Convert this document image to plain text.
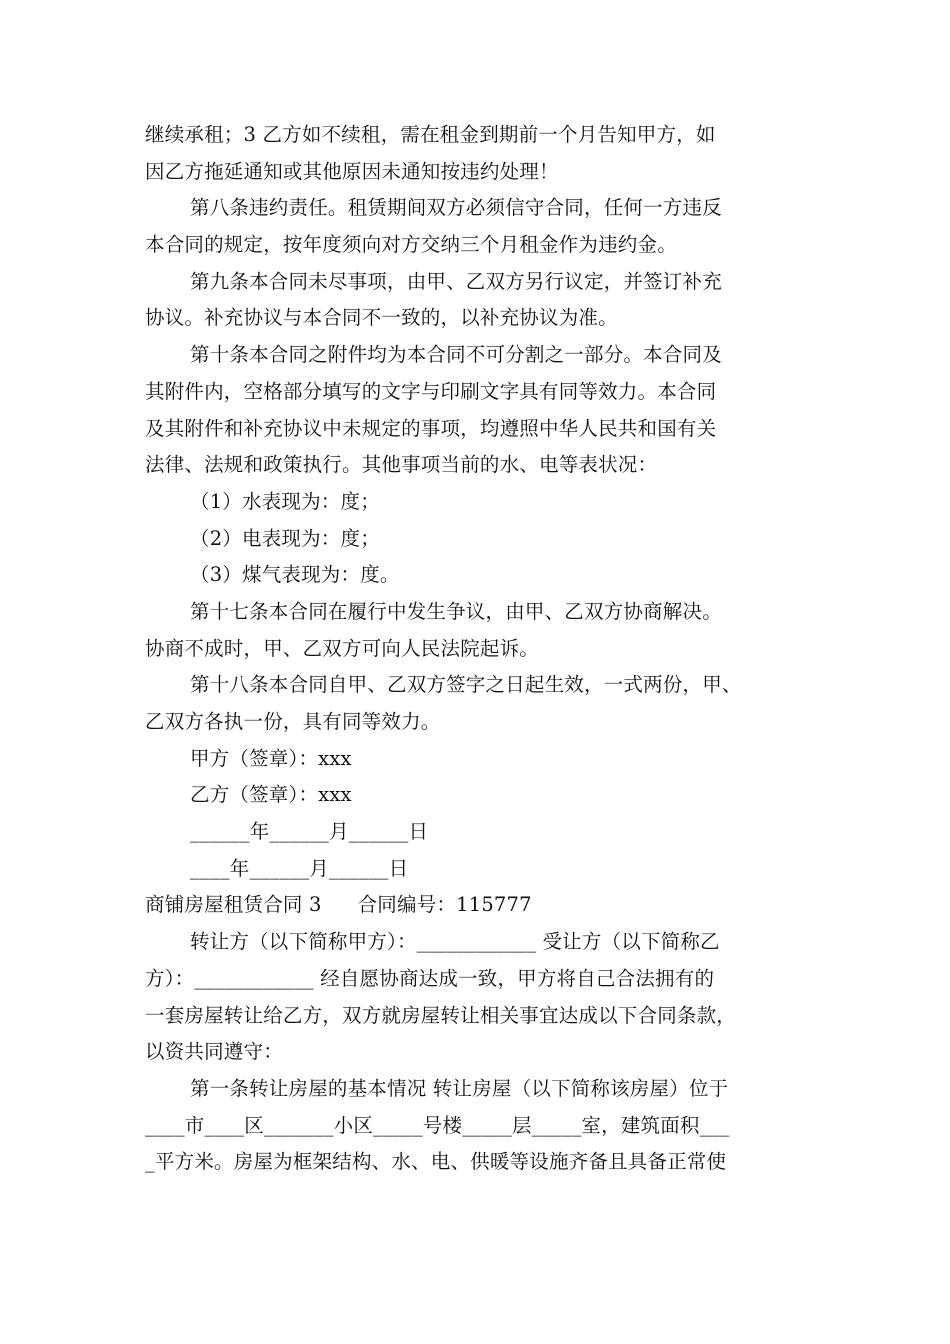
继续承租；3 乙方如不续租，需在租金到期前一个月告知甲方，如
因乙方拖延通知或其他原因未通知按违约处理！
第八条违约责任。租赁期间双方必须信守合同，任何一方违反
本合同的规定，按年度须向对方交纳三个月租金作为违约金。
第九条本合同未尽事项，由甲、乙双方另行议定，并签订补充
协议。补充协议与本合同不一致的，以补充协议为准。
第十条本合同之附件均为本合同不可分割之一部分。本合同及
其附件内，空格部分填写的文字与印刷文字具有同等效力。本合同
及其附件和补充协议中未规定的事项，均遵照中华人民共和国有关
法律、法规和政策执行。其他事项当前的水、电等表状况：
（1）水表现为：度；
（2）电表现为：度；
（3）煤气表现为：度。
第十七条本合同在履行中发生争议，由甲、乙双方协商解决。
协商不成时，甲、乙双方可向人民法院起诉。
第十八条本合同自甲、乙双方签字之日起生效，一式两份，甲、
乙双方各执一份，具有同等效力。
甲方（签章）：xxx
乙方（签章）：xxx
______年______月______日
____年______月______日
商铺房屋租赁合同 3 合同编号：115777
转让方（以下简称甲方）：____________ 受让方（以下简称乙
方）：____________ 经自愿协商达成一致，甲方将自己合法拥有的
一套房屋转让给乙方，双方就房屋转让相关事宜达成以下合同条款，
以资共同遵守：
第一条转让房屋的基本情况 转让房屋（以下简称该房屋）位于
____市____区_______小区_____号楼_____层_____室，建筑面积___
_平方米。房屋为框架结构、水、电、供暖等设施齐备且具备正常使
